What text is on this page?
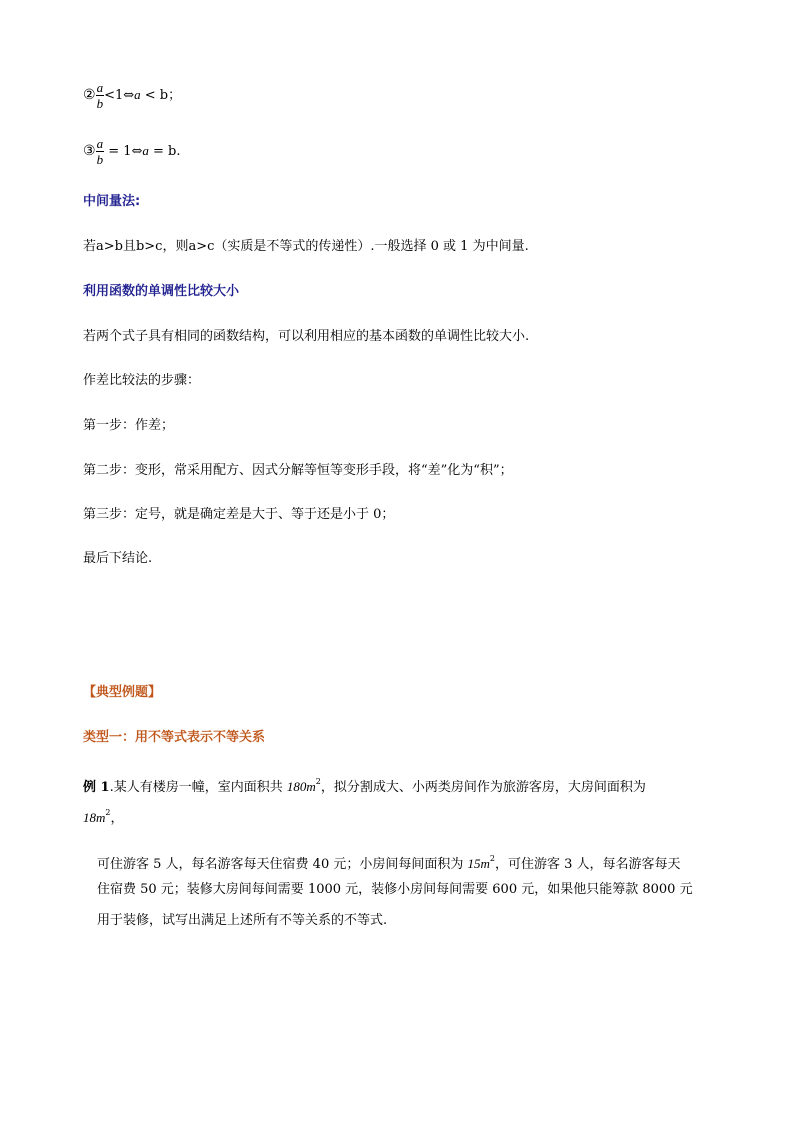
② $\frac{a}{b}$ <1⇔a < b；
③ $\frac{a}{b}$ = 1⇔a = b.
中间量法:
若a>b且b>c，则a>c（实质是不等式的传递性）.一般选择 0 或 1 为中间量.
利用函数的单调性比较大小
若两个式子具有相同的函数结构，可以利用相应的基本函数的单调性比较大小.
作差比较法的步骤：
第一步：作差；
第二步：变形，常采用配方、因式分解等恒等变形手段，将“差”化为“积”；
第三步：定号，就是确定差是大于、等于还是小于 0；
最后下结论.
【典型例题】
类型一：用不等式表示不等关系
例 1.某人有楼房一幢，室内面积共 $180m^2$，拟分割成大、小两类房间作为旅游客房，大房间面积为
$18m^2$，
可住游客 5 人，每名游客每天住宿费 40 元；小房间每间面积为 $15m^2$，可住游客 3 人，每名游客每天
住宿费 50 元；装修大房间每间需要 1000 元，装修小房间每间需要 600 元，如果他只能筹款 8000 元
用于装修，试写出满足上述所有不等关系的不等式.
